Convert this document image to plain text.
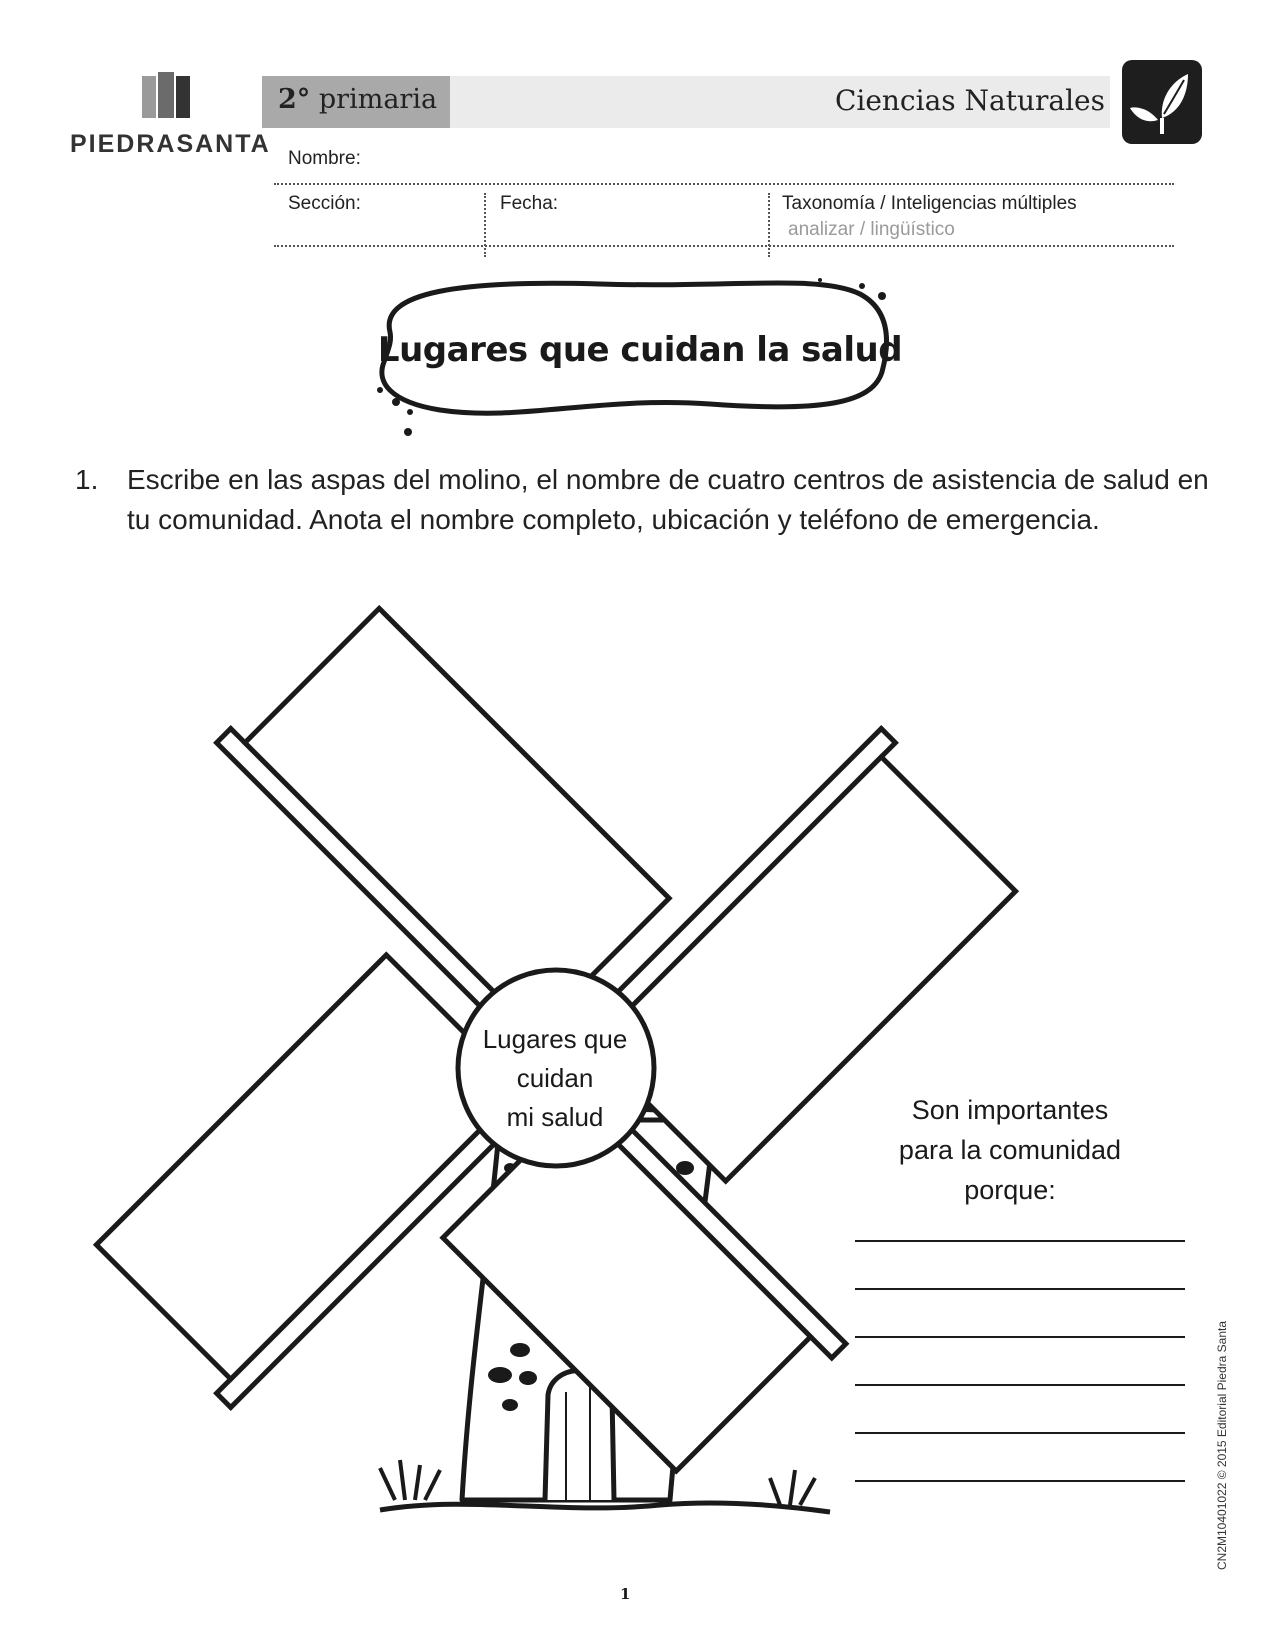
PIEDRASANTA
2° primaria	Ciencias Naturales
Nombre:
Sección:	Fecha:	Taxonomía / Inteligencias múltiples
analizar / lingüístico
Lugares que cuidan la salud
1. Escribe en las aspas del molino, el nombre de cuatro centros de asistencia de salud en tu comunidad. Anota el nombre completo, ubicación y teléfono de emergencia.
Lugares que
cuidan
mi salud	Son importantes
para la comunidad
porque:
CN2M10401022 © 2015 Editorial Piedra Santa
1
